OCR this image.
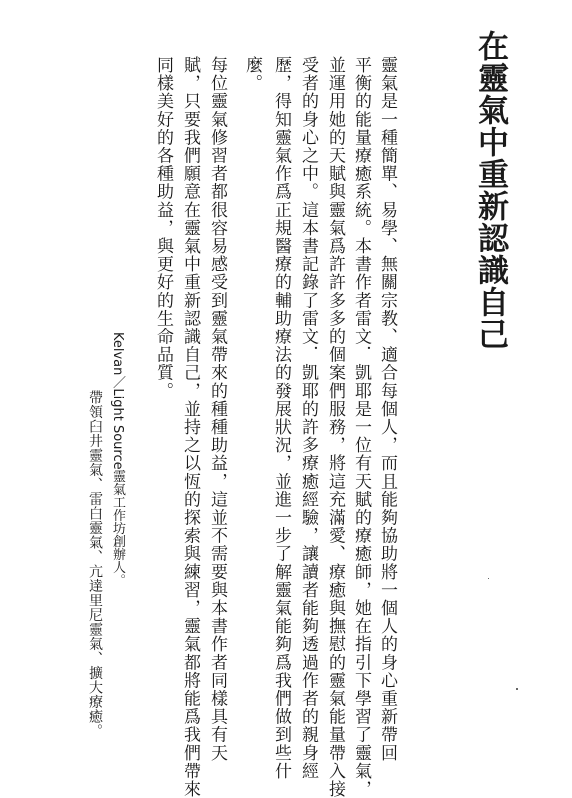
在靈氣中重新認識自己

靈氣是一種簡單、易學、無關宗教、適合每個人，而且能夠協助將一個人的身心重新帶回

平衡的能量療癒系統。本書作者雷文．凱耶是一位有天賦的療癒師，她在指引下學習了靈氣，

並運用她的天賦與靈氣爲許許多多的個案們服務，將這充滿愛、療癒與撫慰的靈氣能量帶入接

受者的身心之中。這本書記錄了雷文．凱耶的許多療癒經驗，讓讀者能夠透過作者的親身經

歷，得知靈氣作爲正規醫療的輔助療法的發展狀況，並進一步了解靈氣能夠爲我們做到些什

麼。

每位靈氣修習者都很容易感受到靈氣帶來的種種助益，這並不需要與本書作者同樣具有天

賦，只要我們願意在靈氣中重新認識自己，並持之以恆的探索與練習，靈氣都將能爲我們帶來

同樣美好的各種助益，與更好的生命品質。

Kelvan／Light Source靈氣工作坊創辦人。

帶領臼井靈氣、雷白靈氣、亢達里尼靈氣、擴大療癒。
